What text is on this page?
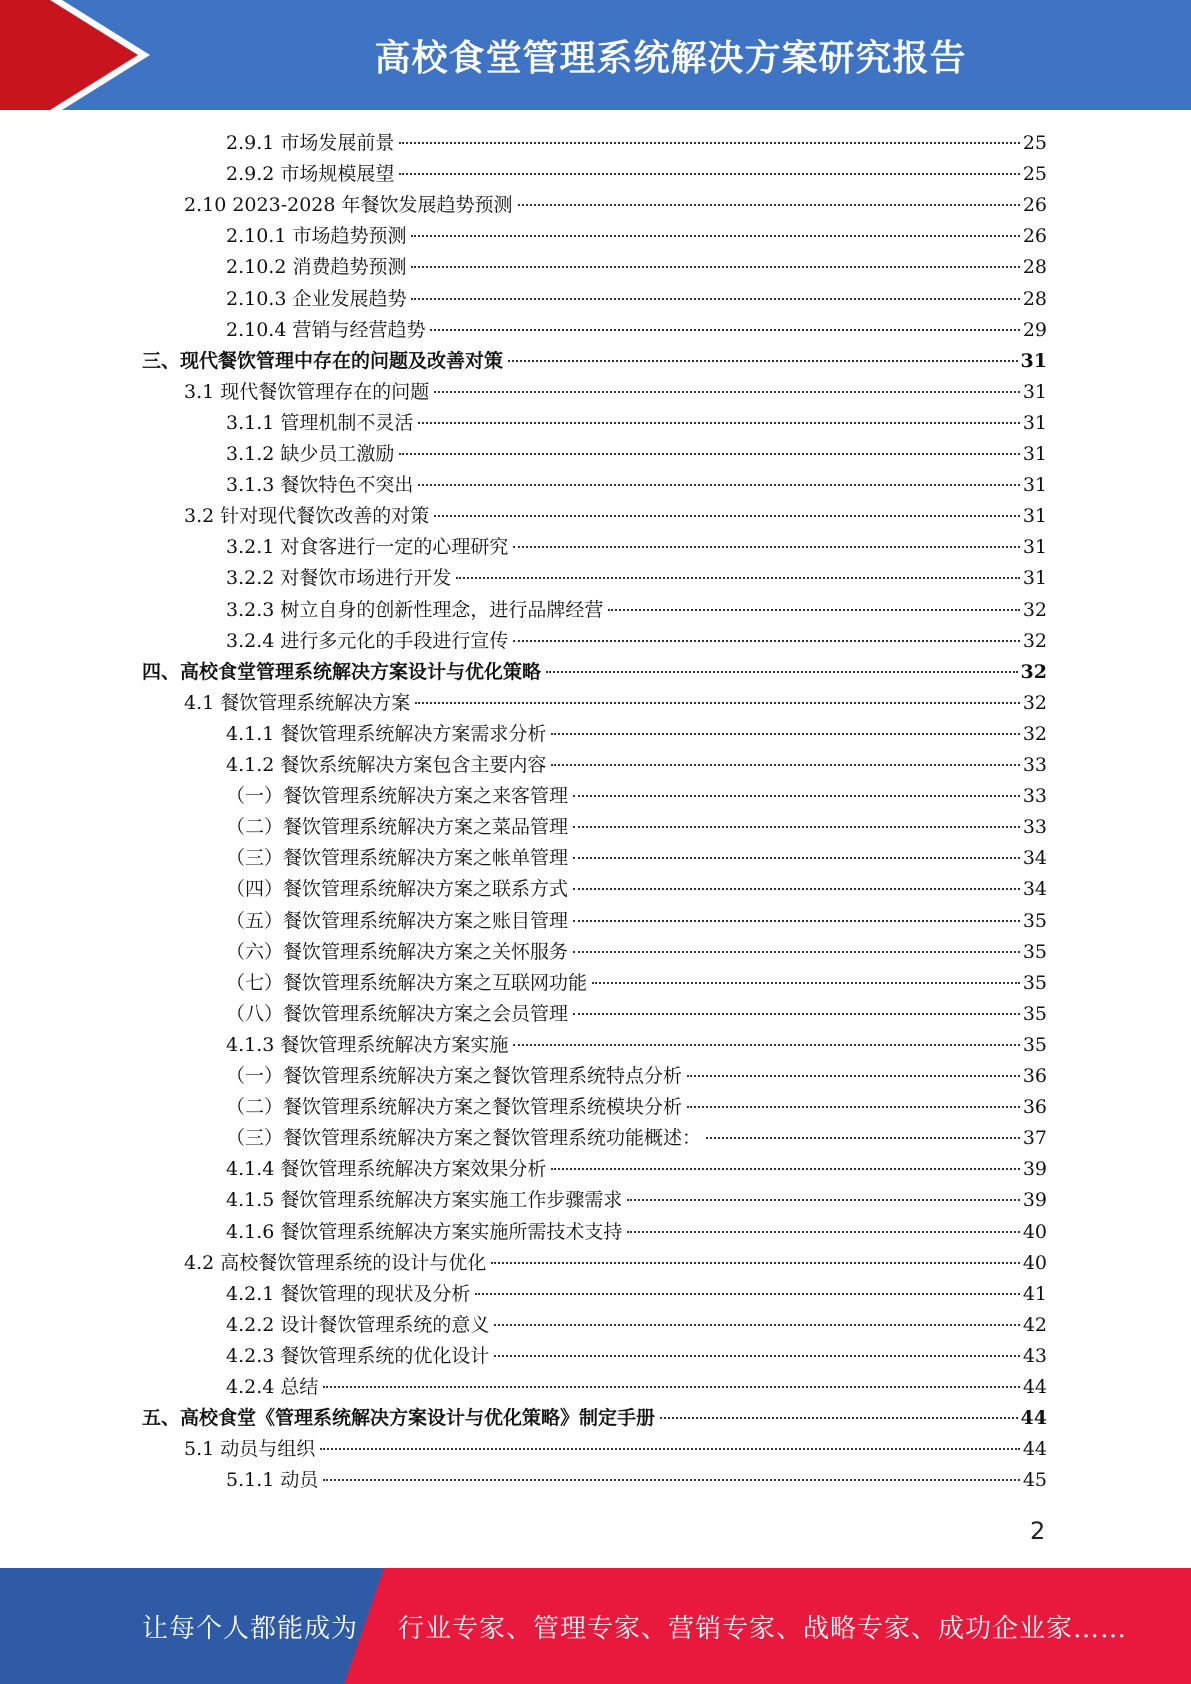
高校食堂管理系统解决方案研究报告
2.9.1 市场发展前景	25
2.9.2 市场规模展望	25
2.10 2023-2028 年餐饮发展趋势预测	26
2.10.1 市场趋势预测	26
2.10.2 消费趋势预测	28
2.10.3 企业发展趋势	28
2.10.4 营销与经营趋势	29
三、现代餐饮管理中存在的问题及改善对策	31
3.1 现代餐饮管理存在的问题	31
3.1.1 管理机制不灵活	31
3.1.2 缺少员工激励	31
3.1.3 餐饮特色不突出	31
3.2 针对现代餐饮改善的对策	31
3.2.1 对食客进行一定的心理研究	31
3.2.2 对餐饮市场进行开发	31
3.2.3 树立自身的创新性理念，进行品牌经营	32
3.2.4 进行多元化的手段进行宣传	32
四、高校食堂管理系统解决方案设计与优化策略	32
4.1 餐饮管理系统解决方案	32
4.1.1 餐饮管理系统解决方案需求分析	32
4.1.2 餐饮系统解决方案包含主要内容	33
（一）餐饮管理系统解决方案之来客管理	33
（二）餐饮管理系统解决方案之菜品管理	33
（三）餐饮管理系统解决方案之帐单管理	34
（四）餐饮管理系统解决方案之联系方式	34
（五）餐饮管理系统解决方案之账目管理	35
（六）餐饮管理系统解决方案之关怀服务	35
（七）餐饮管理系统解决方案之互联网功能	35
（八）餐饮管理系统解决方案之会员管理	35
4.1.3 餐饮管理系统解决方案实施	35
（一）餐饮管理系统解决方案之餐饮管理系统特点分析	36
（二）餐饮管理系统解决方案之餐饮管理系统模块分析	36
（三）餐饮管理系统解决方案之餐饮管理系统功能概述：	37
4.1.4 餐饮管理系统解决方案效果分析	39
4.1.5 餐饮管理系统解决方案实施工作步骤需求	39
4.1.6 餐饮管理系统解决方案实施所需技术支持	40
4.2 高校餐饮管理系统的设计与优化	40
4.2.1 餐饮管理的现状及分析	41
4.2.2 设计餐饮管理系统的意义	42
4.2.3 餐饮管理系统的优化设计	43
4.2.4 总结	44
五、高校食堂《管理系统解决方案设计与优化策略》制定手册	44
5.1 动员与组织	44
5.1.1 动员	45
2
让每个人都能成为 行业专家、管理专家、营销专家、战略专家、成功企业家……
